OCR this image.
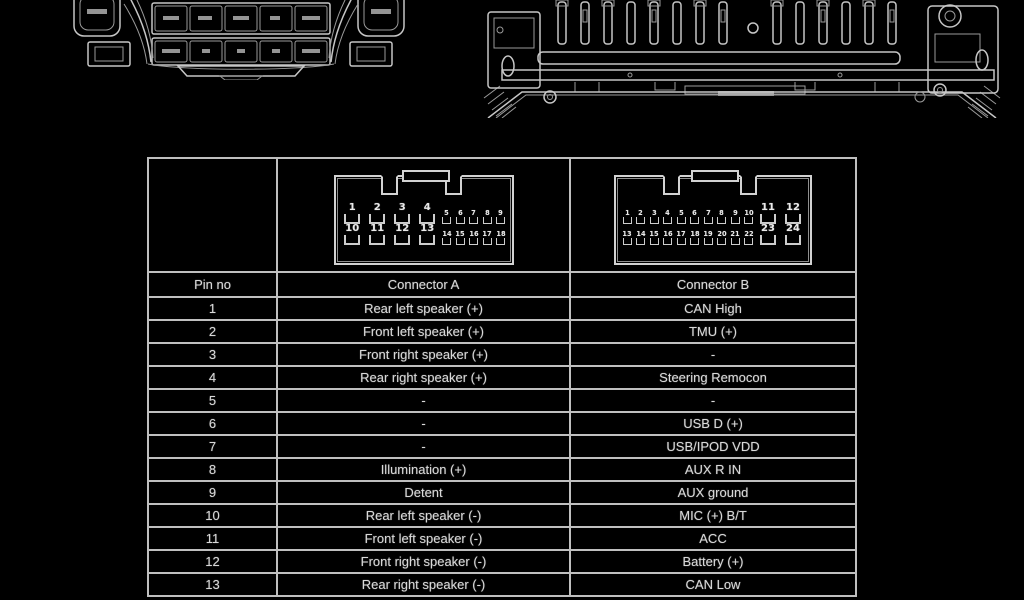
1 2 3 4
5 6 7 8 9
10 11 12 13
14 15 16 17 18

1 2 3 4 5 6 7 8 9 10
11 12
13 14 15 16 17 18 19 20 21 22
23 24

Pin no	Connector A	Connector B
1	Rear left speaker (+)	CAN High
2	Front left speaker (+)	TMU (+)
3	Front right speaker (+)	-
4	Rear right speaker (+)	Steering Remocon
5	-	-
6	-	USB D (+)
7	-	USB/IPOD VDD
8	Illumination (+)	AUX R IN
9	Detent	AUX ground
10	Rear left speaker (-)	MIC (+) B/T
11	Front left speaker (-)	ACC
12	Front right speaker (-)	Battery (+)
13	Rear right speaker (-)	CAN Low
